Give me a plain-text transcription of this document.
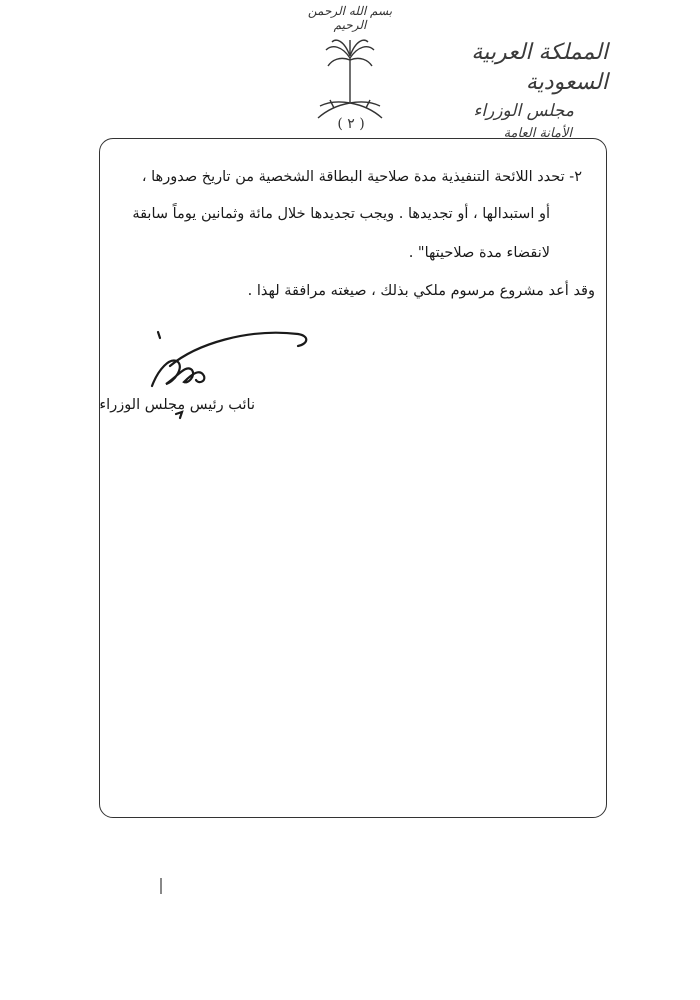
بسم الله الرحمن الرحيم
( ٢ )
المملكة العربية السعودية
مجلس الوزراء
الأمانة العامة
٢- تحدد اللائحة التنفيذية مدة صلاحية البطاقة الشخصية من تاريخ صدورها ،
أو استبدالها ، أو تجديدها . ويجب تجديدها خلال مائة وثمانين يوماً سابقة
لانقضاء مدة صلاحيتها" .
وقد أعد مشروع مرسوم ملكي بذلك ، صيغته مرافقة لهذا .
نائب رئيس مجلس الوزراء
